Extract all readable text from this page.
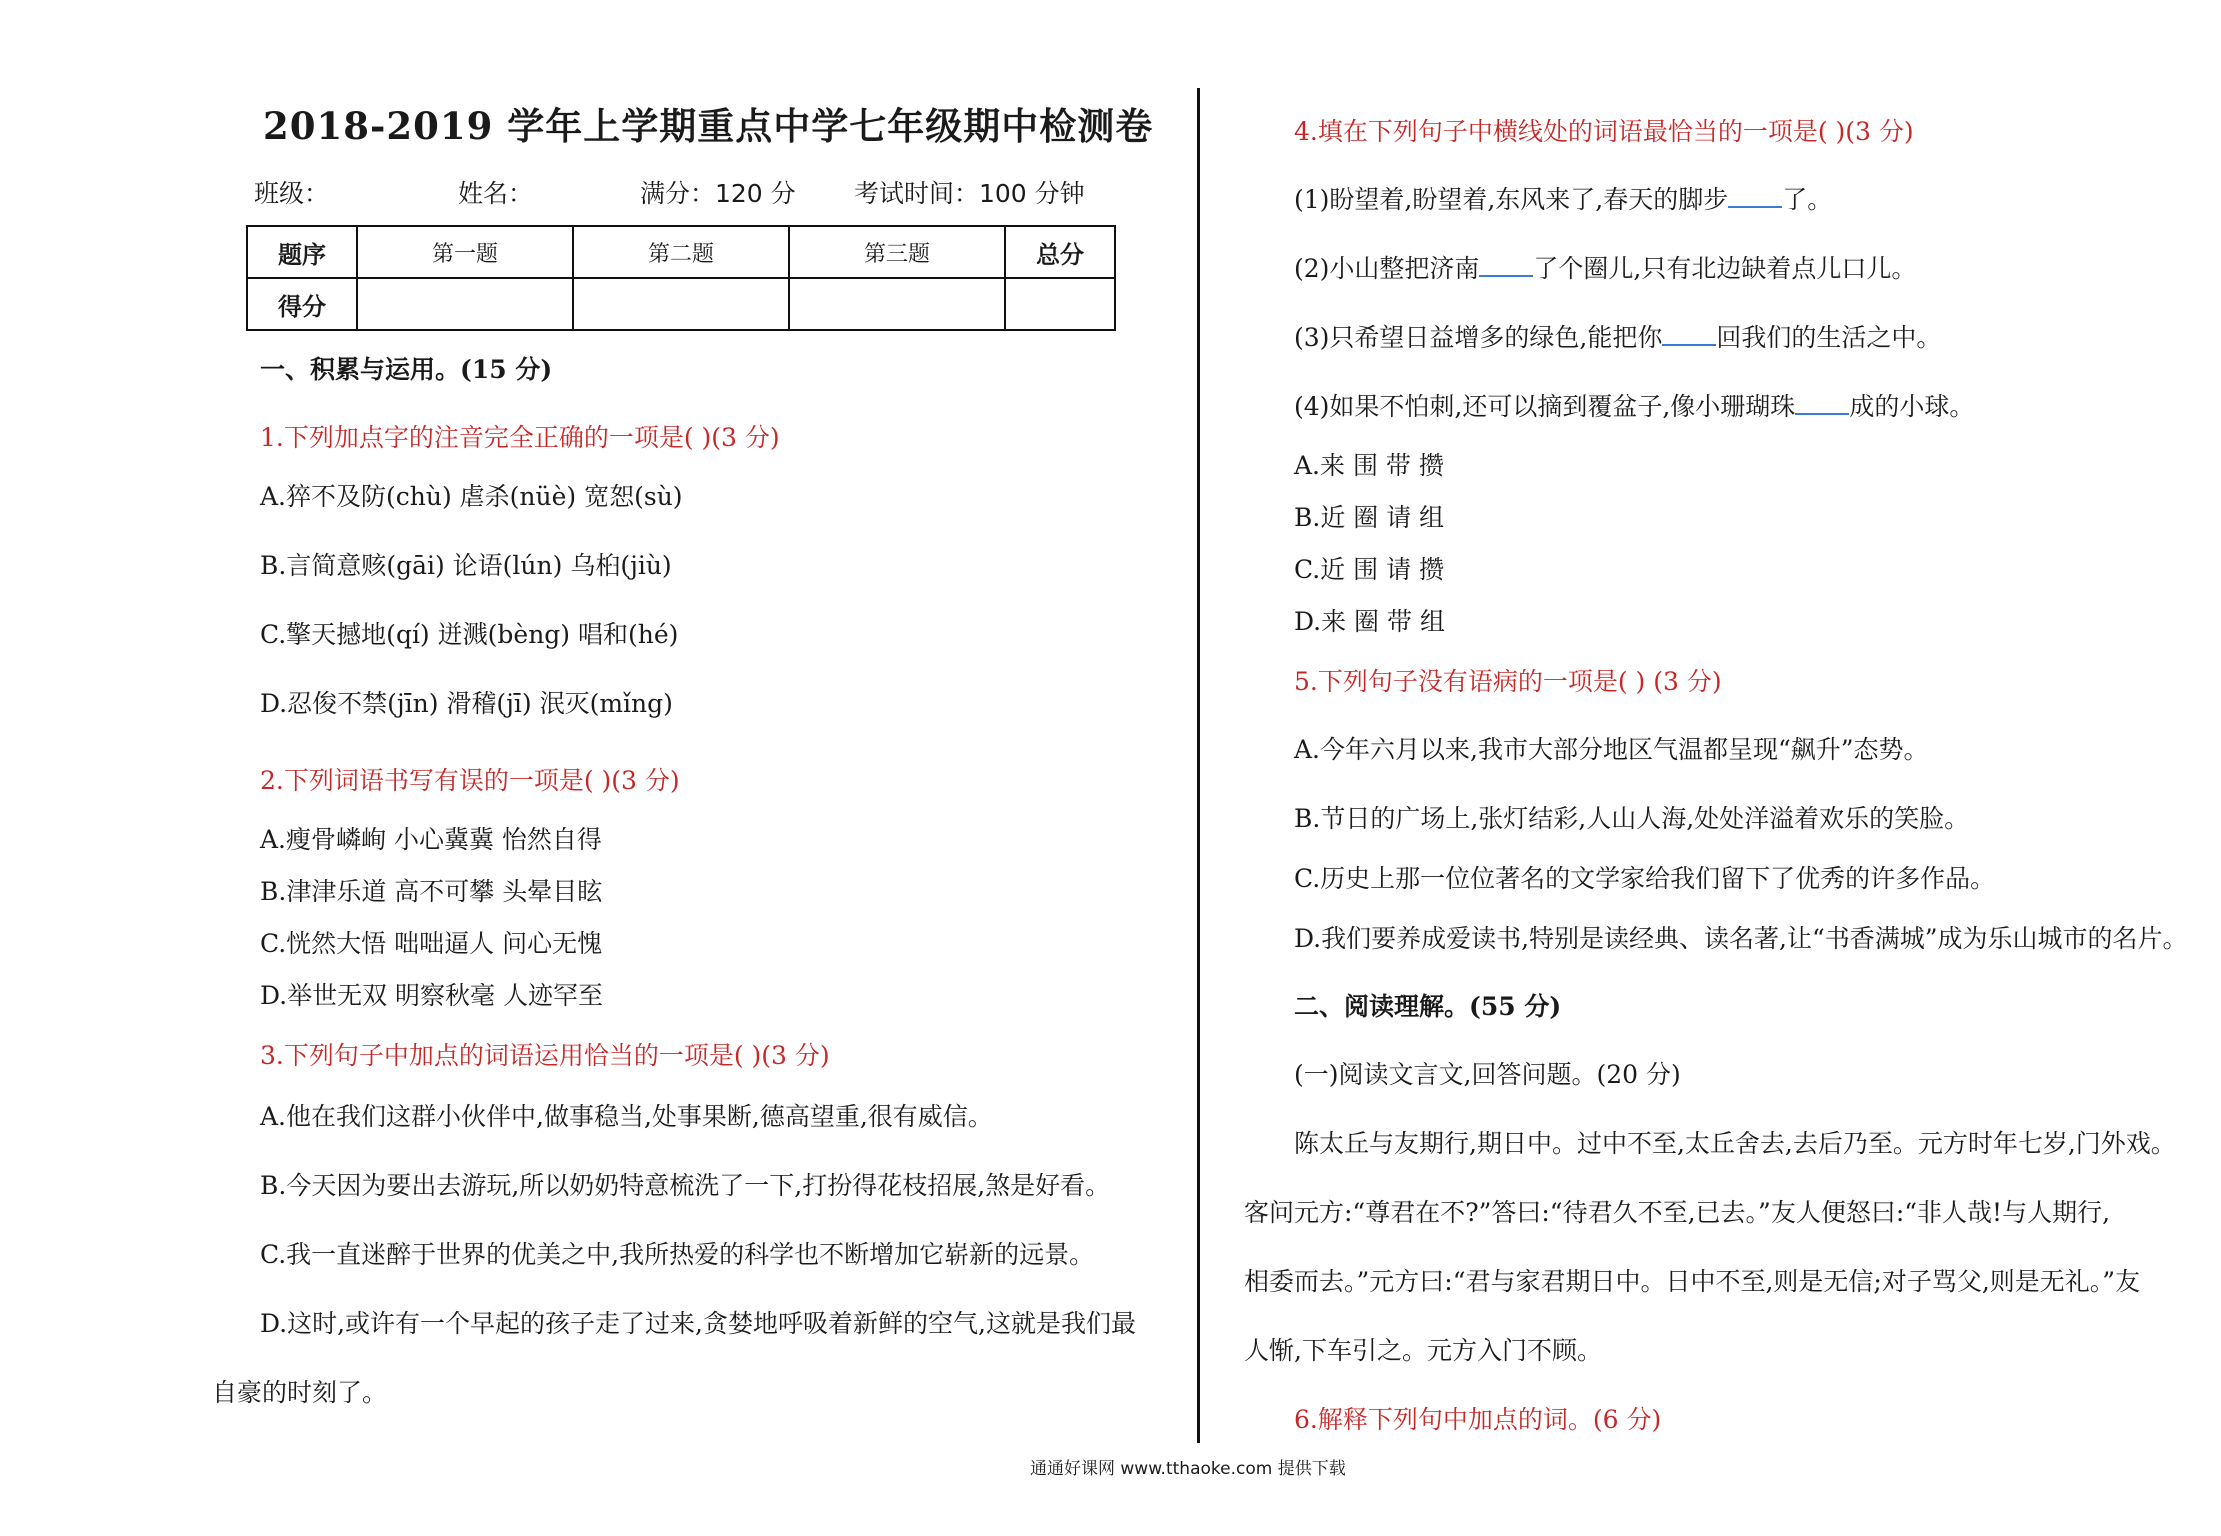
2018-2019 学年上学期重点中学七年级期中检测卷
班级：	姓名：	满分：120 分 考试时间：100 分钟
题序	第一题	第二题	第三题	总分
得分				
一、积累与运用。(15 分)
1.下列加点字的注音完全正确的一项是( )(3 分)
A.猝不及防(chù) 虐杀(nüè) 宽恕(sù)
B.言简意赅(gāi) 论语(lún) 乌桕(jiù)
C.擎天撼地(qí) 迸溅(bèng) 唱和(hé)
D.忍俊不禁(jīn) 滑稽(jī) 泯灭(mǐng)
2.下列词语书写有误的一项是( )(3 分)
A.瘦骨嶙峋 小心冀冀 怡然自得
B.津津乐道 高不可攀 头晕目眩
C.恍然大悟 咄咄逼人 问心无愧
D.举世无双 明察秋毫 人迹罕至
3.下列句子中加点的词语运用恰当的一项是( )(3 分)
A.他在我们这群小伙伴中,做事稳当,处事果断,德高望重,很有威信。
B.今天因为要出去游玩,所以奶奶特意梳洗了一下,打扮得花枝招展,煞是好看。
C.我一直迷醉于世界的优美之中,我所热爱的科学也不断增加它崭新的远景。
D.这时,或许有一个早起的孩子走了过来,贪婪地呼吸着新鲜的空气,这就是我们最
自豪的时刻了。
4.填在下列句子中横线处的词语最恰当的一项是( )(3 分)
(1)盼望着,盼望着,东风来了,春天的脚步 了。
(2)小山整把济南 了个圈儿,只有北边缺着点儿口儿。
(3)只希望日益增多的绿色,能把你 回我们的生活之中。
(4)如果不怕刺,还可以摘到覆盆子,像小珊瑚珠 成的小球。
A.来 围 带 攒
B.近 圈 请 组
C.近 围 请 攒
D.来 圈 带 组
5.下列句子没有语病的一项是( ) (3 分)
A.今年六月以来,我市大部分地区气温都呈现“飙升”态势。
B.节日的广场上,张灯结彩,人山人海,处处洋溢着欢乐的笑脸。
C.历史上那一位位著名的文学家给我们留下了优秀的许多作品。
D.我们要养成爱读书,特别是读经典、读名著,让“书香满城”成为乐山城市的名片。
二、阅读理解。(55 分)
(一)阅读文言文,回答问题。(20 分)
陈太丘与友期行,期日中。过中不至,太丘舍去,去后乃至。元方时年七岁,门外戏。
客问元方:“尊君在不?”答曰:“待君久不至,已去。”友人便怒曰:“非人哉!与人期行,
相委而去。”元方曰:“君与家君期日中。日中不至,则是无信;对子骂父,则是无礼。”友
人惭,下车引之。元方入门不顾。
6.解释下列句中加点的词。(6 分)
通通好课网 www.tthaoke.com 提供下载
